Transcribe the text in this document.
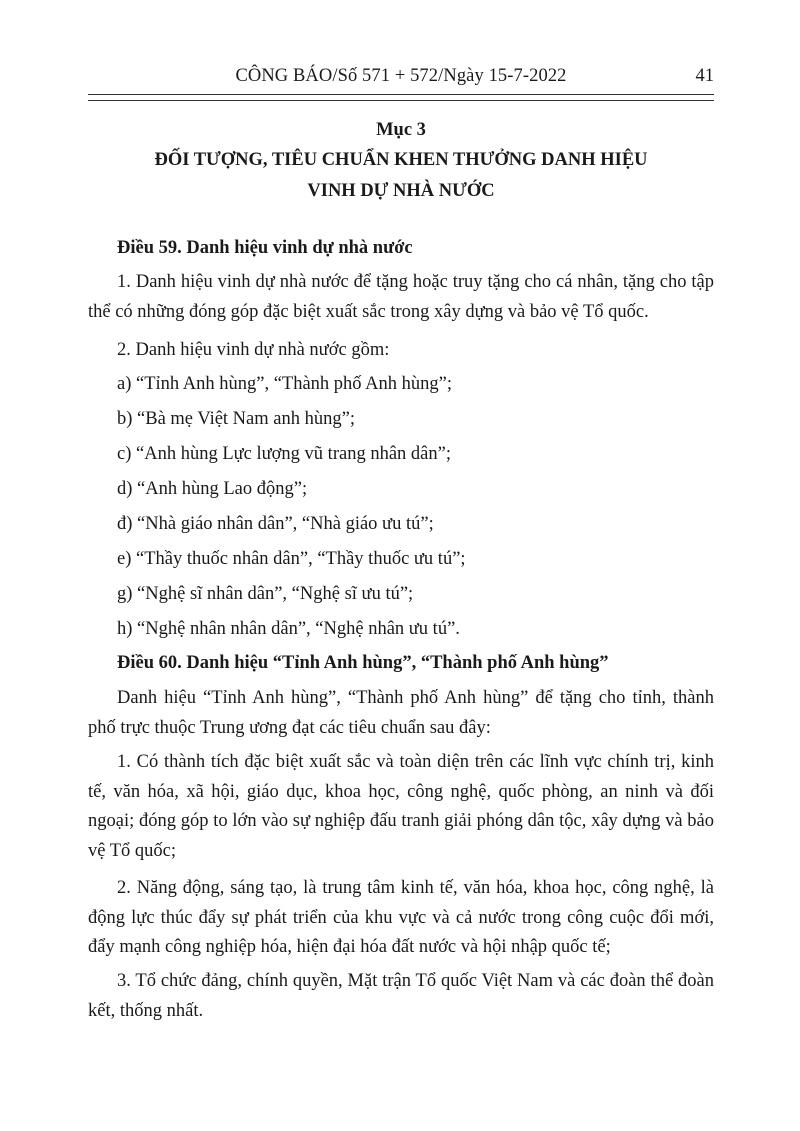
CÔNG BÁO/Số 571 + 572/Ngày 15-7-2022	41
Mục 3
ĐỐI TƯỢNG, TIÊU CHUẨN KHEN THƯỞNG DANH HIỆU
VINH DỰ NHÀ NƯỚC

Điều 59. Danh hiệu vinh dự nhà nước

1. Danh hiệu vinh dự nhà nước để tặng hoặc truy tặng cho cá nhân, tặng cho tập thể có những đóng góp đặc biệt xuất sắc trong xây dựng và bảo vệ Tổ quốc.

2. Danh hiệu vinh dự nhà nước gồm:

a) “Tỉnh Anh hùng”, “Thành phố Anh hùng”;
b) “Bà mẹ Việt Nam anh hùng”;
c) “Anh hùng Lực lượng vũ trang nhân dân”;
d) “Anh hùng Lao động”;
đ) “Nhà giáo nhân dân”, “Nhà giáo ưu tú”;
e) “Thầy thuốc nhân dân”, “Thầy thuốc ưu tú”;
g) “Nghệ sĩ nhân dân”, “Nghệ sĩ ưu tú”;
h) “Nghệ nhân nhân dân”, “Nghệ nhân ưu tú”.

Điều 60. Danh hiệu “Tỉnh Anh hùng”, “Thành phố Anh hùng”

Danh hiệu “Tỉnh Anh hùng”, “Thành phố Anh hùng” để tặng cho tỉnh, thành phố trực thuộc Trung ương đạt các tiêu chuẩn sau đây:

1. Có thành tích đặc biệt xuất sắc và toàn diện trên các lĩnh vực chính trị, kinh tế, văn hóa, xã hội, giáo dục, khoa học, công nghệ, quốc phòng, an ninh và đối ngoại; đóng góp to lớn vào sự nghiệp đấu tranh giải phóng dân tộc, xây dựng và bảo vệ Tổ quốc;

2. Năng động, sáng tạo, là trung tâm kinh tế, văn hóa, khoa học, công nghệ, là động lực thúc đẩy sự phát triển của khu vực và cả nước trong công cuộc đổi mới, đẩy mạnh công nghiệp hóa, hiện đại hóa đất nước và hội nhập quốc tế;

3. Tổ chức đảng, chính quyền, Mặt trận Tổ quốc Việt Nam và các đoàn thể đoàn kết, thống nhất.
